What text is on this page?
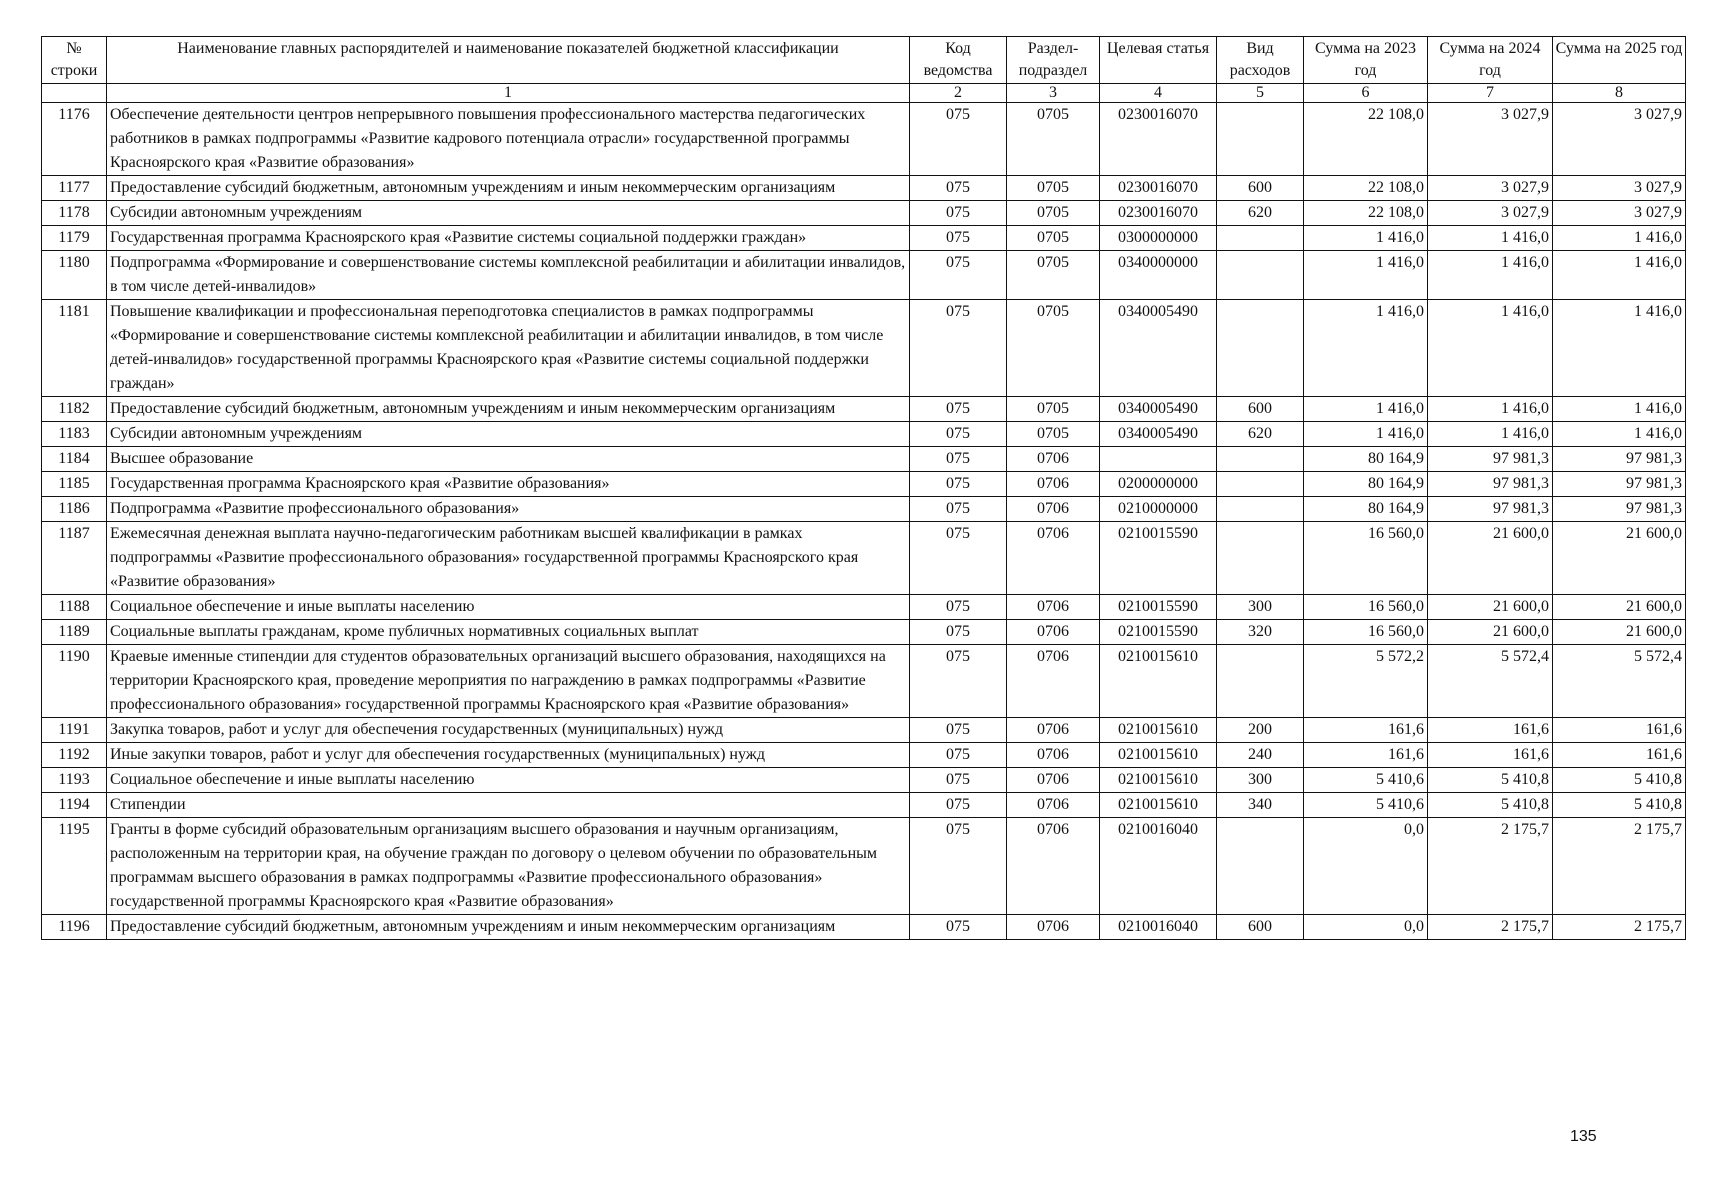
№ строки	Наименование главных распорядителей и наименование показателей бюджетной классификации	Код ведомства	Раздел-подраздел	Целевая статья	Вид расходов	Сумма на 2023 год	Сумма на 2024 год	Сумма на 2025 год
	1	2	3	4	5	6	7	8
1176	Обеспечение деятельности центров непрерывного повышения профессионального мастерства педагогических работников в рамках подпрограммы «Развитие кадрового потенциала отрасли» государственной программы Красноярского края «Развитие образования»	075	0705	0230016070		22 108,0	3 027,9	3 027,9
1177	Предоставление субсидий бюджетным, автономным учреждениям и иным некоммерческим организациям	075	0705	0230016070	600	22 108,0	3 027,9	3 027,9
1178	Субсидии автономным учреждениям	075	0705	0230016070	620	22 108,0	3 027,9	3 027,9
1179	Государственная программа Красноярского края «Развитие системы социальной поддержки граждан»	075	0705	0300000000		1 416,0	1 416,0	1 416,0
1180	Подпрограмма «Формирование и совершенствование системы комплексной реабилитации и абилитации инвалидов, в том числе детей-инвалидов»	075	0705	0340000000		1 416,0	1 416,0	1 416,0
1181	Повышение квалификации и профессиональная переподготовка специалистов в рамках подпрограммы «Формирование и совершенствование системы комплексной реабилитации и абилитации инвалидов, в том числе детей-инвалидов» государственной программы Красноярского края «Развитие системы социальной поддержки граждан»	075	0705	0340005490		1 416,0	1 416,0	1 416,0
1182	Предоставление субсидий бюджетным, автономным учреждениям и иным некоммерческим организациям	075	0705	0340005490	600	1 416,0	1 416,0	1 416,0
1183	Субсидии автономным учреждениям	075	0705	0340005490	620	1 416,0	1 416,0	1 416,0
1184	Высшее образование	075	0706			80 164,9	97 981,3	97 981,3
1185	Государственная программа Красноярского края «Развитие образования»	075	0706	0200000000		80 164,9	97 981,3	97 981,3
1186	Подпрограмма «Развитие профессионального образования»	075	0706	0210000000		80 164,9	97 981,3	97 981,3
1187	Ежемесячная денежная выплата научно-педагогическим работникам высшей квалификации в рамках подпрограммы «Развитие профессионального образования» государственной программы Красноярского края «Развитие образования»	075	0706	0210015590		16 560,0	21 600,0	21 600,0
1188	Социальное обеспечение и иные выплаты населению	075	0706	0210015590	300	16 560,0	21 600,0	21 600,0
1189	Социальные выплаты гражданам, кроме публичных нормативных социальных выплат	075	0706	0210015590	320	16 560,0	21 600,0	21 600,0
1190	Краевые именные стипендии для студентов образовательных организаций высшего образования, находящихся на территории Красноярского края, проведение мероприятия по награждению в рамках подпрограммы «Развитие профессионального образования» государственной программы Красноярского края «Развитие образования»	075	0706	0210015610		5 572,2	5 572,4	5 572,4
1191	Закупка товаров, работ и услуг для обеспечения государственных (муниципальных) нужд	075	0706	0210015610	200	161,6	161,6	161,6
1192	Иные закупки товаров, работ и услуг для обеспечения государственных (муниципальных) нужд	075	0706	0210015610	240	161,6	161,6	161,6
1193	Социальное обеспечение и иные выплаты населению	075	0706	0210015610	300	5 410,6	5 410,8	5 410,8
1194	Стипендии	075	0706	0210015610	340	5 410,6	5 410,8	5 410,8
1195	Гранты в форме субсидий образовательным организациям высшего образования и научным организациям, расположенным на территории края, на обучение граждан по договору о целевом обучении по образовательным программам высшего образования в рамках подпрограммы «Развитие профессионального образования» государственной программы Красноярского края «Развитие образования»	075	0706	0210016040		0,0	2 175,7	2 175,7
1196	Предоставление субсидий бюджетным, автономным учреждениям и иным некоммерческим организациям	075	0706	0210016040	600	0,0	2 175,7	2 175,7
135
